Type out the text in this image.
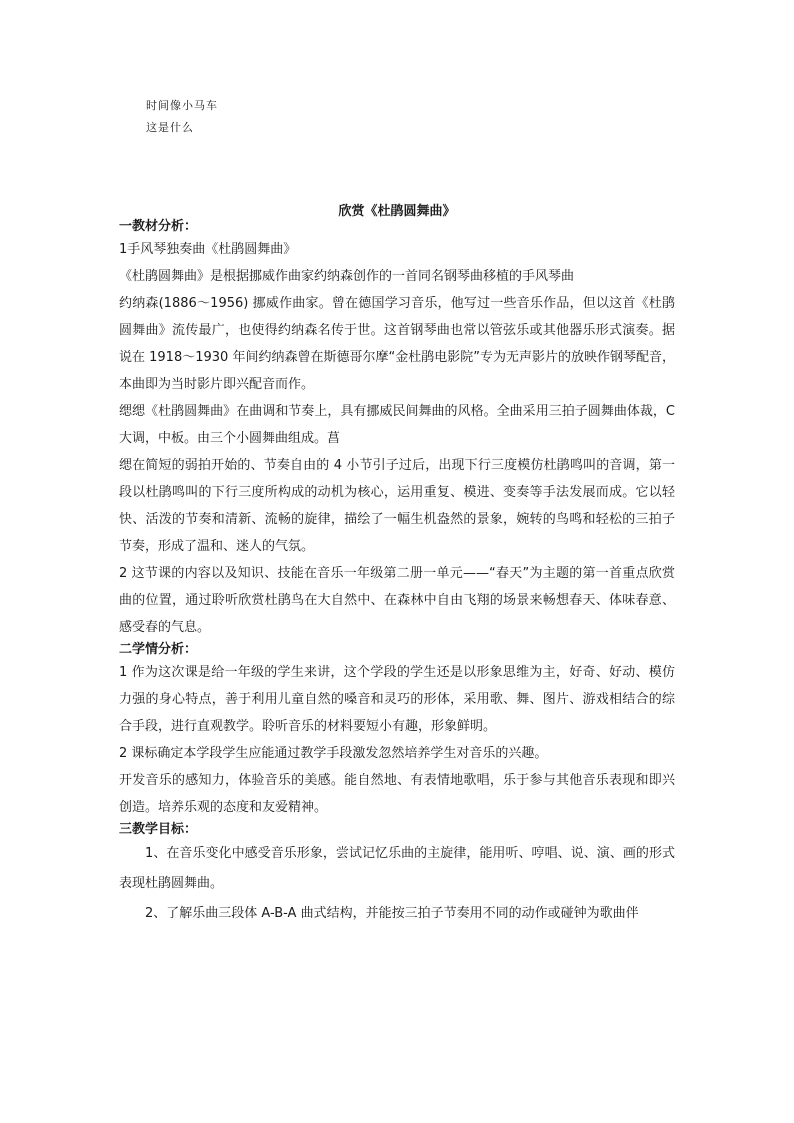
时间像小马车
这是什么
欣赏《杜鹃圆舞曲》
一教材分析：
1手风琴独奏曲《杜鹃圆舞曲》
《杜鹃圆舞曲》是根据挪威作曲家约纳森创作的一首同名钢琴曲移植的手风琴曲
约纳森(1886～1956) 挪威作曲家。曾在德国学习音乐，他写过一些音乐作品，但以这首《杜鹃圆舞曲》流传最广，也使得约纳森名传于世。这首钢琴曲也常以管弦乐或其他器乐形式演奏。据说在 1918～1930 年间约纳森曾在斯德哥尔摩“金杜鹃电影院”专为无声影片的放映作钢琴配音，本曲即为当时影片即兴配音而作。
缌缌《杜鹃圆舞曲》在曲调和节奏上，具有挪威民间舞曲的风格。全曲采用三拍子圆舞曲体裁，C 大调，中板。由三个小圆舞曲组成。菖
缌在简短的弱拍开始的、节奏自由的 4 小节引子过后，出现下行三度模仿杜鹃鸣叫的音调，第一段以杜鹃鸣叫的下行三度所构成的动机为核心，运用重复、模进、变奏等手法发展而成。它以轻快、活泼的节奏和清新、流畅的旋律，描绘了一幅生机盎然的景象，婉转的鸟鸣和轻松的三拍子节奏，形成了温和、迷人的气氛。
2 这节课的内容以及知识、技能在音乐一年级第二册一单元——“春天”为主题的第一首重点欣赏曲的位置，通过聆听欣赏杜鹃鸟在大自然中、在森林中自由飞翔的场景来畅想春天、体味春意、感受春的气息。
二学情分析：
1 作为这次课是给一年级的学生来讲，这个学段的学生还是以形象思维为主，好奇、好动、模仿力强的身心特点，善于利用儿童自然的嗓音和灵巧的形体，采用歌、舞、图片、游戏相结合的综合手段，进行直观教学。聆听音乐的材料要短小有趣，形象鲜明。
2 课标确定本学段学生应能通过教学手段激发忽然培养学生对音乐的兴趣。
开发音乐的感知力，体验音乐的美感。能自然地、有表情地歌唱，乐于参与其他音乐表现和即兴创造。培养乐观的态度和友爱精神。
三教学目标：
1、在音乐变化中感受音乐形象，尝试记忆乐曲的主旋律，能用听、哼唱、说、演、画的形式表现杜鹃圆舞曲。
2、了解乐曲三段体 A-B-A 曲式结构，并能按三拍子节奏用不同的动作或碰钟为歌曲伴
